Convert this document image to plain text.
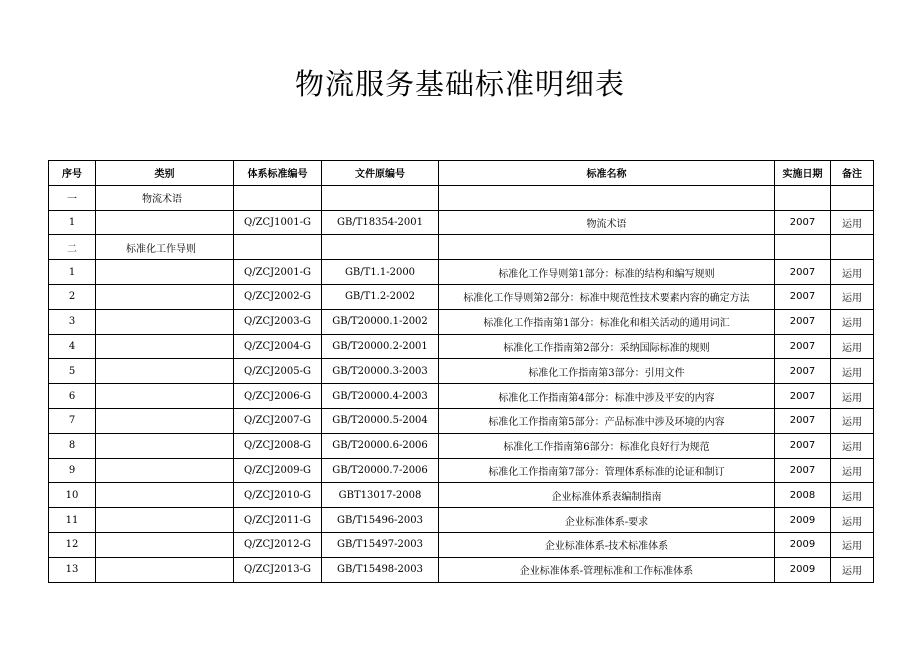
物流服务基础标准明细表
序号	类别	体系标准编号	文件原编号	标准名称	实施日期	备注
一	物流术语					
1		Q/ZCJ1001-G	GB/T18354-2001	物流术语	2007	运用
二	标准化工作导则					
1		Q/ZCJ2001-G	GB/T1.1-2000	标准化工作导则第1部分：标准的结构和编写规则	2007	运用
2		Q/ZCJ2002-G	GB/T1.2-2002	标准化工作导则第2部分：标准中规范性技术要素内容的确定方法	2007	运用
3		Q/ZCJ2003-G	GB/T20000.1-2002	标准化工作指南第1部分：标准化和相关活动的通用词汇	2007	运用
4		Q/ZCJ2004-G	GB/T20000.2-2001	标准化工作指南第2部分：采纳国际标准的规则	2007	运用
5		Q/ZCJ2005-G	GB/T20000.3-2003	标准化工作指南第3部分：引用文件	2007	运用
6		Q/ZCJ2006-G	GB/T20000.4-2003	标准化工作指南第4部分：标准中涉及平安的内容	2007	运用
7		Q/ZCJ2007-G	GB/T20000.5-2004	标准化工作指南第5部分：产品标准中涉及环境的内容	2007	运用
8		Q/ZCJ2008-G	GB/T20000.6-2006	标准化工作指南第6部分：标准化良好行为规范	2007	运用
9		Q/ZCJ2009-G	GB/T20000.7-2006	标准化工作指南第7部分：管理体系标准的论证和制订	2007	运用
10		Q/ZCJ2010-G	GBT13017-2008	企业标准体系表编制指南	2008	运用
11		Q/ZCJ2011-G	GB/T15496-2003	企业标准体系-要求	2009	运用
12		Q/ZCJ2012-G	GB/T15497-2003	企业标准体系-技术标准体系	2009	运用
13		Q/ZCJ2013-G	GB/T15498-2003	企业标准体系-管理标准和工作标准体系	2009	运用
